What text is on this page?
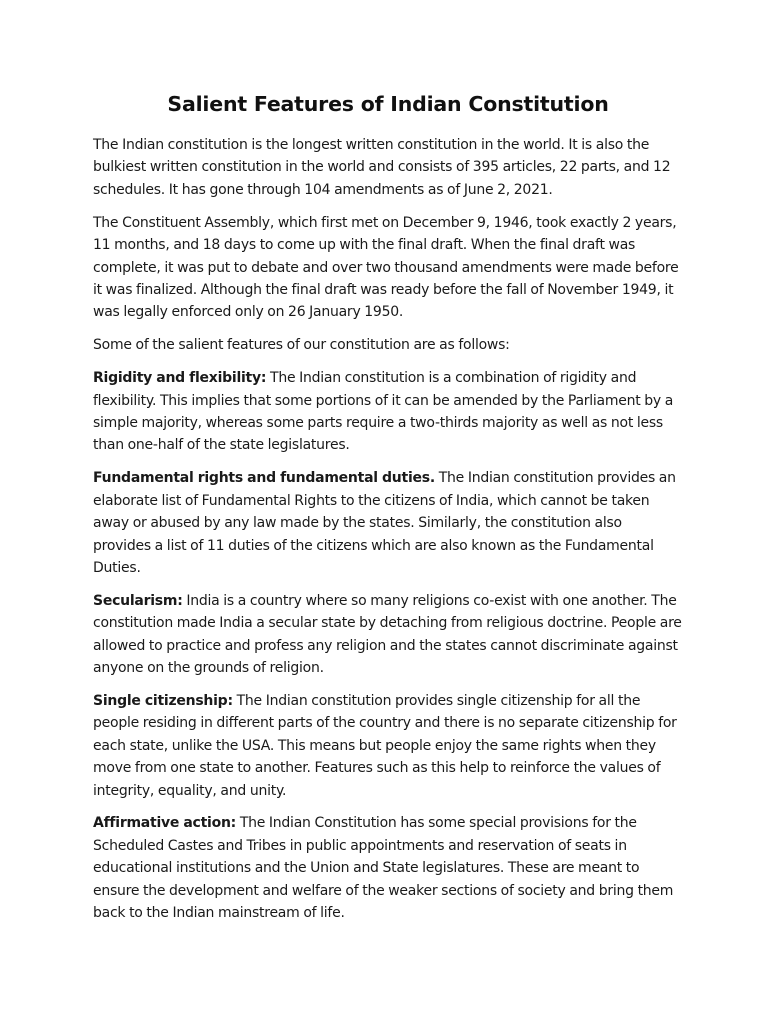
Salient Features of Indian Constitution

The Indian constitution is the longest written constitution in the world. It is also the bulkiest written constitution in the world and consists of 395 articles, 22 parts, and 12 schedules. It has gone through 104 amendments as of June 2, 2021.

The Constituent Assembly, which first met on December 9, 1946, took exactly 2 years, 11 months, and 18 days to come up with the final draft. When the final draft was complete, it was put to debate and over two thousand amendments were made before it was finalized. Although the final draft was ready before the fall of November 1949, it was legally enforced only on 26 January 1950.

Some of the salient features of our constitution are as follows:

Rigidity and flexibility: The Indian constitution is a combination of rigidity and flexibility. This implies that some portions of it can be amended by the Parliament by a simple majority, whereas some parts require a two-thirds majority as well as not less than one-half of the state legislatures.

Fundamental rights and fundamental duties. The Indian constitution provides an elaborate list of Fundamental Rights to the citizens of India, which cannot be taken away or abused by any law made by the states. Similarly, the constitution also provides a list of 11 duties of the citizens which are also known as the Fundamental Duties.

Secularism: India is a country where so many religions co-exist with one another. The constitution made India a secular state by detaching from religious doctrine. People are allowed to practice and profess any religion and the states cannot discriminate against anyone on the grounds of religion.

Single citizenship: The Indian constitution provides single citizenship for all the people residing in different parts of the country and there is no separate citizenship for each state, unlike the USA. This means but people enjoy the same rights when they move from one state to another. Features such as this help to reinforce the values of integrity, equality, and unity.

Affirmative action: The Indian Constitution has some special provisions for the Scheduled Castes and Tribes in public appointments and reservation of seats in educational institutions and the Union and State legislatures. These are meant to ensure the development and welfare of the weaker sections of society and bring them back to the Indian mainstream of life.
